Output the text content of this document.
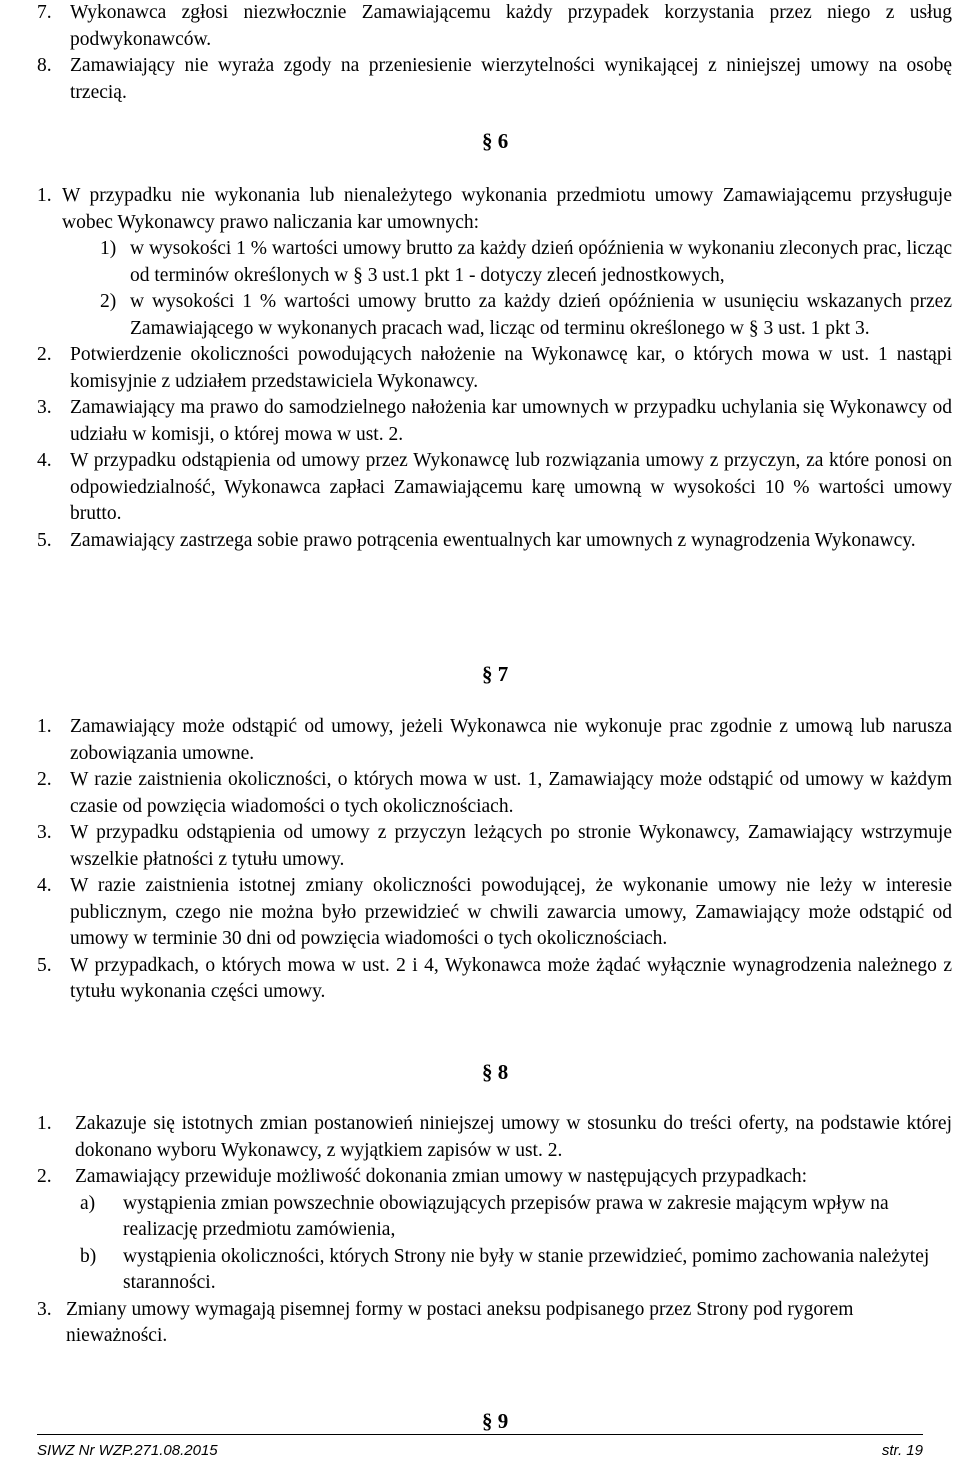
7. Wykonawca zgłosi niezwłocznie Zamawiającemu każdy przypadek korzystania przez niego z usług podwykonawców.
8. Zamawiający nie wyraża zgody na przeniesienie wierzytelności wynikającej z niniejszej umowy na osobę trzecią.
§ 6
1. W przypadku nie wykonania lub nienależytego wykonania przedmiotu umowy Zamawiającemu przysługuje wobec Wykonawcy prawo naliczania kar umownych:
1) w wysokości 1 % wartości umowy brutto za każdy dzień opóźnienia w wykonaniu zleconych prac, licząc od terminów określonych w § 3 ust.1 pkt 1 - dotyczy zleceń jednostkowych,
2) w wysokości 1 % wartości umowy brutto za każdy dzień opóźnienia w usunięciu wskazanych przez Zamawiającego w wykonanych pracach wad, licząc od terminu określonego w § 3 ust. 1 pkt 3.
2. Potwierdzenie okoliczności powodujących nałożenie na Wykonawcę kar, o których mowa w ust. 1 nastąpi komisyjnie z udziałem przedstawiciela Wykonawcy.
3. Zamawiający ma prawo do samodzielnego nałożenia kar umownych w przypadku uchylania się Wykonawcy od udziału w komisji, o której mowa w ust. 2.
4. W przypadku odstąpienia od umowy przez Wykonawcę lub rozwiązania umowy z przyczyn, za które ponosi on odpowiedzialność, Wykonawca zapłaci Zamawiającemu karę umowną w wysokości 10 % wartości umowy brutto.
5. Zamawiający zastrzega sobie prawo potrącenia ewentualnych kar umownych z wynagrodzenia Wykonawcy.
§ 7
1. Zamawiający może odstąpić od umowy, jeżeli Wykonawca nie wykonuje prac zgodnie z umową lub narusza zobowiązania umowne.
2. W razie zaistnienia okoliczności, o których mowa w ust. 1, Zamawiający może odstąpić od umowy w każdym czasie od powzięcia wiadomości o tych okolicznościach.
3. W przypadku odstąpienia od umowy z przyczyn leżących po stronie Wykonawcy, Zamawiający wstrzymuje wszelkie płatności z tytułu umowy.
4. W razie zaistnienia istotnej zmiany okoliczności powodującej, że wykonanie umowy nie leży w interesie publicznym, czego nie można było przewidzieć w chwili zawarcia umowy, Zamawiający może odstąpić od umowy w terminie 30 dni od powzięcia wiadomości o tych okolicznościach.
5. W przypadkach, o których mowa w ust. 2 i 4, Wykonawca może żądać wyłącznie wynagrodzenia należnego z tytułu wykonania części umowy.
§ 8
1. Zakazuje się istotnych zmian postanowień niniejszej umowy w stosunku do treści oferty, na podstawie której dokonano wyboru Wykonawcy, z wyjątkiem zapisów w ust. 2.
2. Zamawiający przewiduje możliwość dokonania zmian umowy w następujących przypadkach:
a) wystąpienia zmian powszechnie obowiązujących przepisów prawa w zakresie mającym wpływ na realizację przedmiotu zamówienia,
b) wystąpienia okoliczności, których Strony nie były w stanie przewidzieć, pomimo zachowania należytej staranności.
3. Zmiany umowy wymagają pisemnej formy w postaci aneksu podpisanego przez Strony pod rygorem nieważności.
§ 9
SIWZ Nr WZP.271.08.2015	str. 19
